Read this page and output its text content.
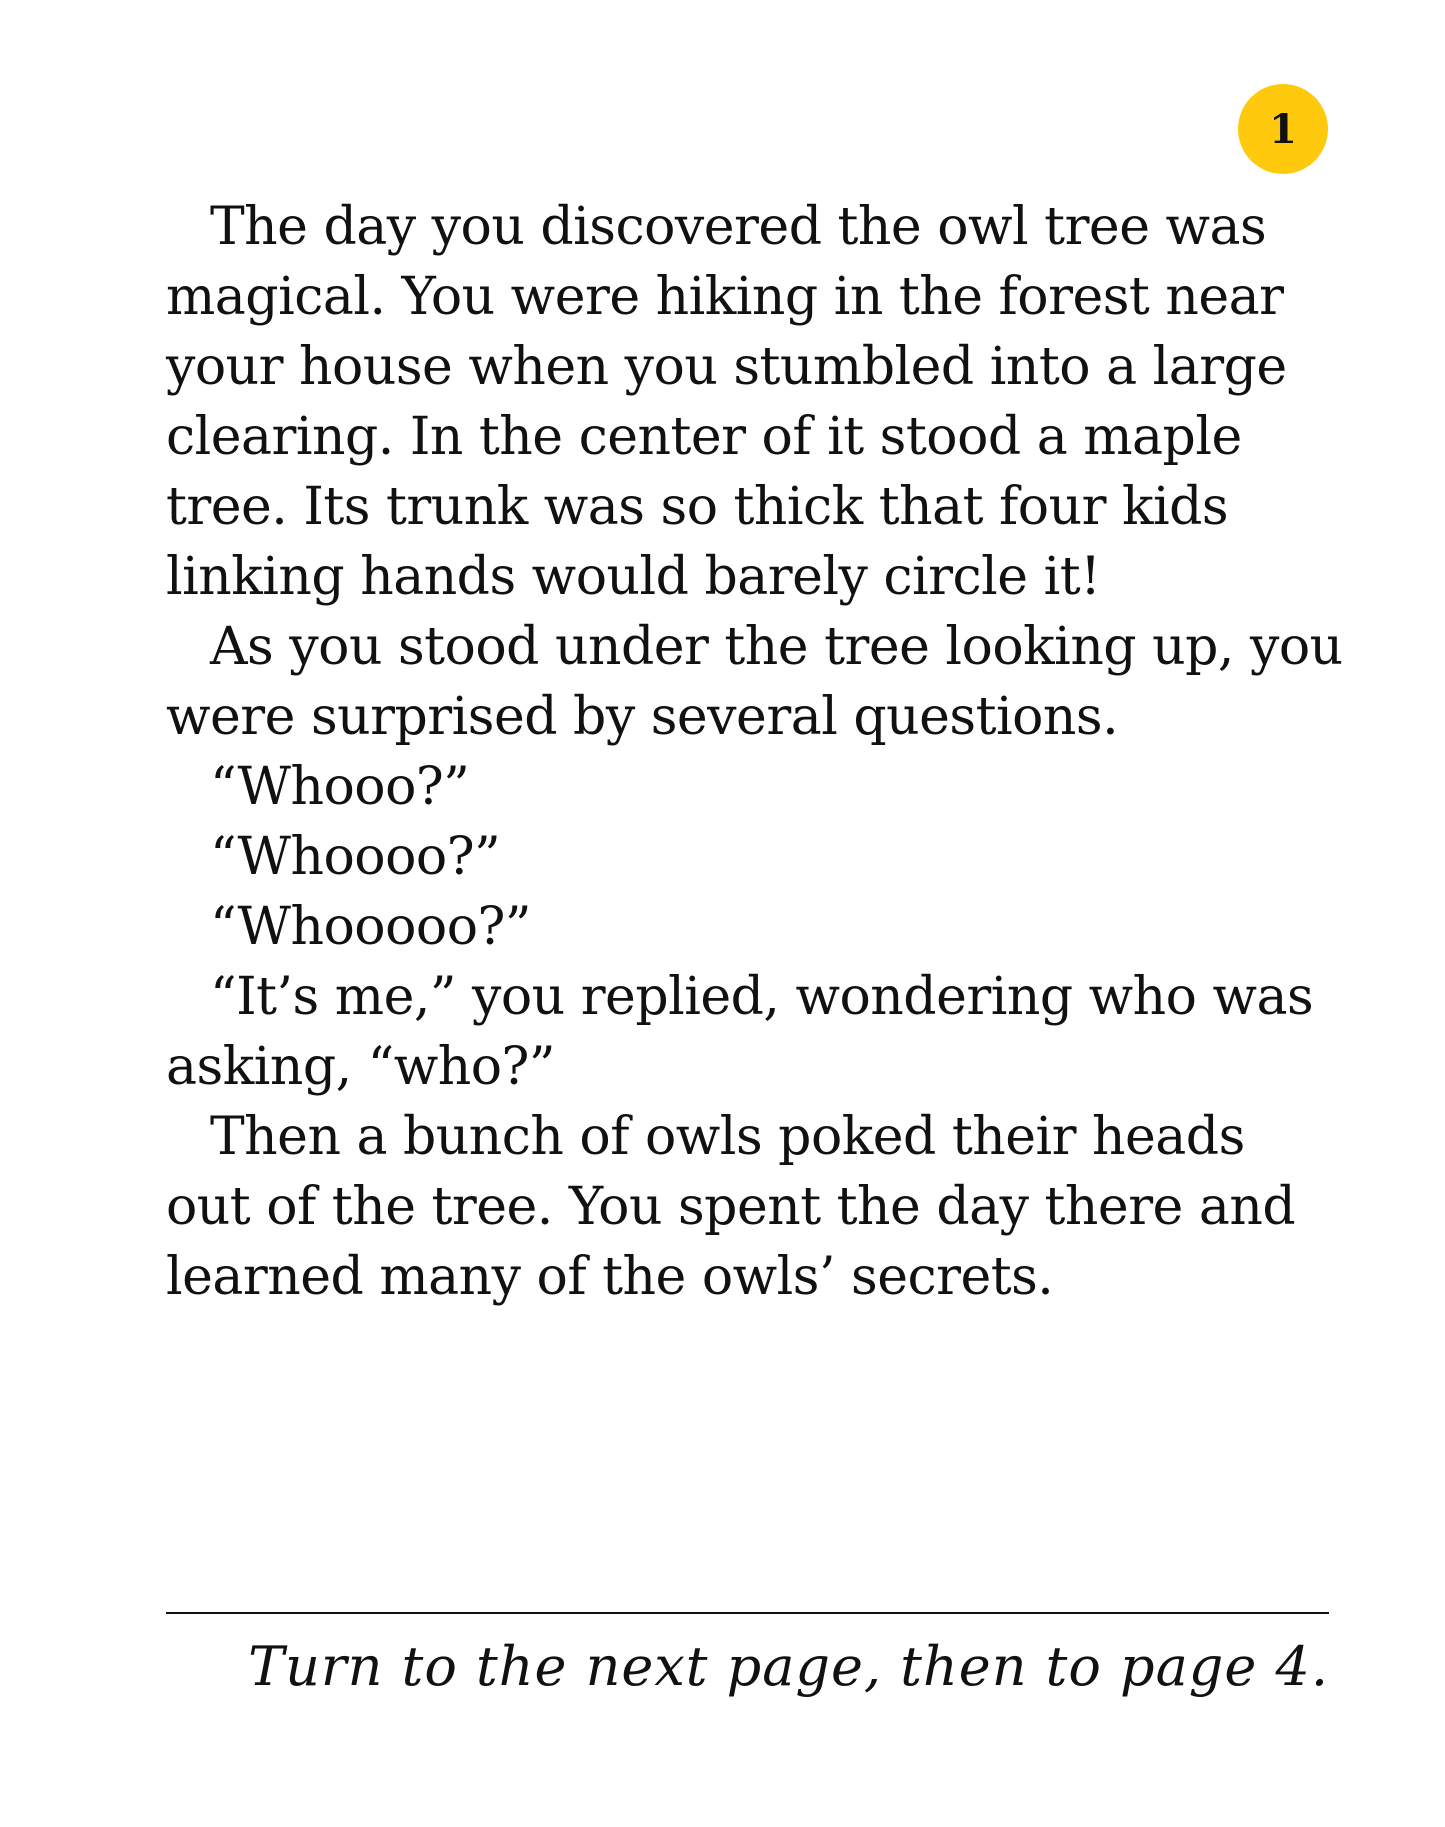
1

The day you discovered the owl tree was
magical. You were hiking in the forest near
your house when you stumbled into a large
clearing. In the center of it stood a maple
tree. Its trunk was so thick that four kids
linking hands would barely circle it!

As you stood under the tree looking up, you
were surprised by several questions.

“Whooo?”

“Whoooo?”

“Whooooo?”

“It’s me,” you replied, wondering who was
asking, “who?”

Then a bunch of owls poked their heads
out of the tree. You spent the day there and
learned many of the owls’ secrets.

Turn to the next page, then to page 4.
